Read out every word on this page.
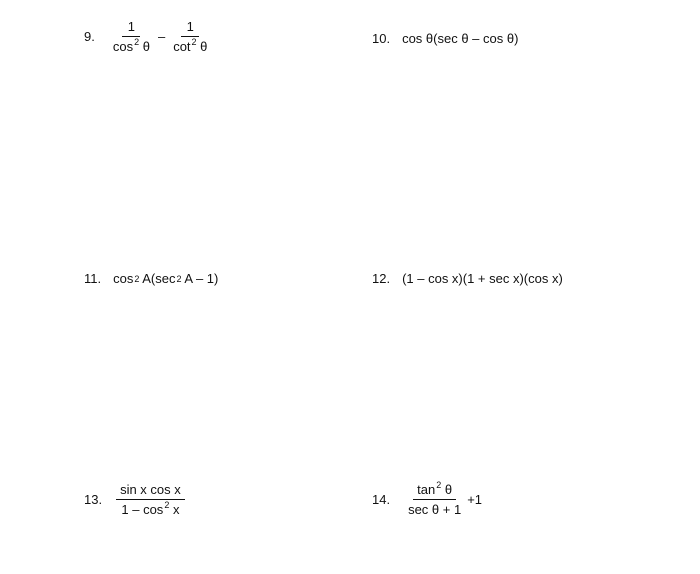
9. $\frac{1}{\cos^2 \theta} - \frac{1}{\cot^2 \theta}$	10. cos θ(sec θ – cos θ)
11. cos 2 A(sec 2 A – 1)	12. (1 – cos x)(1 + sec x)(cos x)
13. $\frac{\text{sin x cos x}}{1 - \cos^2 x}$	14. $\frac{\tan^2 \theta}{\text{sec θ + 1}} +1$
